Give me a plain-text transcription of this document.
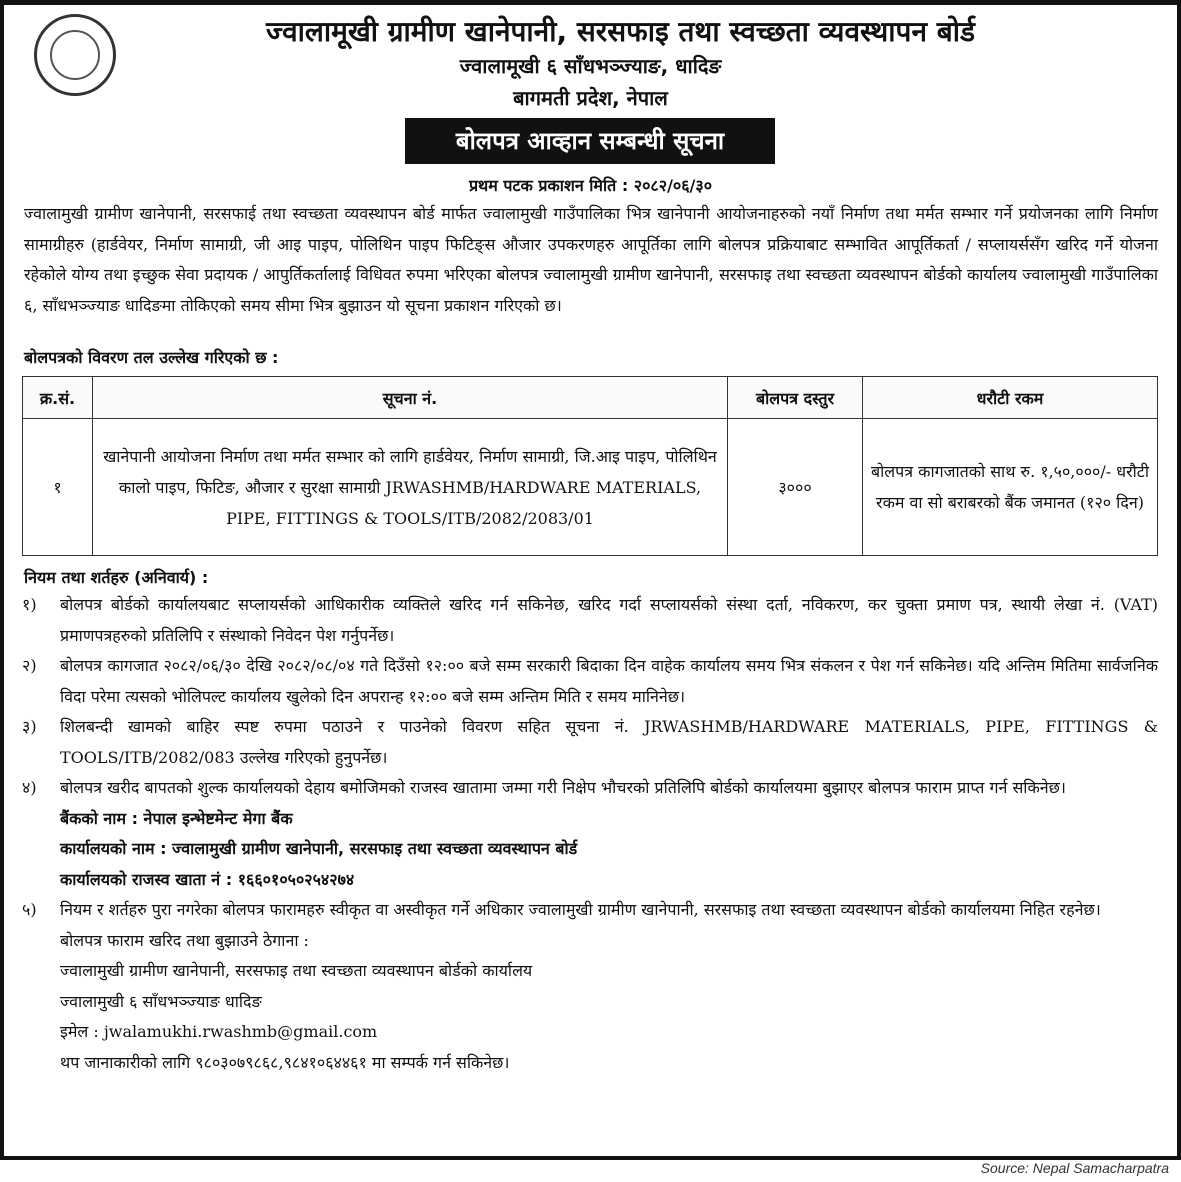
ज्वालामूखी ग्रामीण खानेपानी, सरसफाइ तथा स्वच्छता व्यवस्थापन बोर्ड
ज्वालामूखी ६ साँधभञ्ज्याङ, धादिङ
बागमती प्रदेश, नेपाल
बोलपत्र आव्हान सम्बन्धी सूचना
प्रथम पटक प्रकाशन मिति : २०८२/०६/३०

ज्वालामुखी ग्रामीण खानेपानी, सरसफाई तथा स्वच्छता व्यवस्थापन बोर्ड मार्फत ज्वालामुखी गाउँपालिका भित्र खानेपानी आयोजनाहरुको नयाँ निर्माण तथा मर्मत सम्भार गर्ने प्रयोजनका लागि निर्माण सामाग्रीहरु (हार्डवेयर, निर्माण सामाग्री, जी आइ पाइप, पोलिथिन पाइप फिटिङ्स औजार उपकरणहरु आपूर्तिका लागि बोलपत्र प्रक्रियाबाट सम्भावित आपूर्तिकर्ता / सप्लायर्ससँग खरिद गर्ने योजना रहेकोले योग्य तथा इच्छुक सेवा प्रदायक / आपुर्तिकर्तालाई विधिवत रुपमा भरिएका बोलपत्र ज्वालामुखी ग्रामीण खानेपानी, सरसफाइ तथा स्वच्छता व्यवस्थापन बोर्डको कार्यालय ज्वालामुखी गाउँपालिका ६, साँधभञ्ज्याङ धादिङमा तोकिएको समय सीमा भित्र बुझाउन यो सूचना प्रकाशन गरिएको छ।

बोलपत्रको विवरण तल उल्लेख गरिएको छ :
क्र.सं.	सूचना नं.	बोलपत्र दस्तुर	धरौटी रकम
१	खानेपानी आयोजना निर्माण तथा मर्मत सम्भार को लागि हार्डवेयर, निर्माण सामाग्री, जि.आइ पाइप, पोलिथिन कालो पाइप, फिटिङ, औजार र सुरक्षा सामाग्री JRWASHMB/HARDWARE MATERIALS, PIPE, FITTINGS & TOOLS/ITB/2082/2083/01	३०००	बोलपत्र कागजातको साथ रु. १,५०,०००/- धरौटी रकम वा सो बराबरको बैंक जमानत (१२० दिन)
नियम तथा शर्तहरु (अनिवार्य) :
१)	बोलपत्र बोर्डको कार्यालयबाट सप्लायर्सको आधिकारीक व्यक्तिले खरिद गर्न सकिनेछ, खरिद गर्दा सप्लायर्सको संस्था दर्ता, नविकरण, कर चुक्ता प्रमाण पत्र, स्थायी लेखा नं. (VAT) प्रमाणपत्रहरुको प्रतिलिपि र संस्थाको निवेदन पेश गर्नुपर्नेछ।
२)	बोलपत्र कागजात २०८२/०६/३० देखि २०८२/०८/०४ गते दिउँसो १२:०० बजे सम्म सरकारी बिदाका दिन वाहेक कार्यालय समय भित्र संकलन र पेश गर्न सकिनेछ। यदि अन्तिम मितिमा सार्वजनिक विदा परेमा त्यसको भोलिपल्ट कार्यालय खुलेको दिन अपरान्ह १२:०० बजे सम्म अन्तिम मिति र समय मानिनेछ।
३)	शिलबन्दी खामको बाहिर स्पष्ट रुपमा पठाउने र पाउनेको विवरण सहित सूचना नं. JRWASHMB/HARDWARE MATERIALS, PIPE, FITTINGS & TOOLS/ITB/2082/083 उल्लेख गरिएको हुनुपर्नेछ।
४)	बोलपत्र खरीद बापतको शुल्क कार्यालयको देहाय बमोजिमको राजस्व खातामा जम्मा गरी निक्षेप भौचरको प्रतिलिपि बोर्डको कार्यालयमा बुझाएर बोलपत्र फाराम प्राप्त गर्न सकिनेछ।
बैंकको नाम : नेपाल इन्भेष्टमेन्ट मेगा बैंक
कार्यालयको नाम : ज्वालामुखी ग्रामीण खानेपानी, सरसफाइ तथा स्वच्छता व्यवस्थापन बोर्ड
कार्यालयको राजस्व खाता नं : १६६०१०५०२५४२७४
५)	नियम र शर्तहरु पुरा नगरेका बोलपत्र फारामहरु स्वीकृत वा अस्वीकृत गर्ने अधिकार ज्वालामुखी ग्रामीण खानेपानी, सरसफाइ तथा स्वच्छता व्यवस्थापन बोर्डको कार्यालयमा निहित रहनेछ।
बोलपत्र फाराम खरिद तथा बुझाउने ठेगाना :
ज्वालामुखी ग्रामीण खानेपानी, सरसफाइ तथा स्वच्छता व्यवस्थापन बोर्डको कार्यालय
ज्वालामुखी ६ साँधभञ्ज्याङ धादिङ
इमेल : jwalamukhi.rwashmb@gmail.com
थप जानाकारीको लागि ९८०३०७९८६८,९८४१०६४४६१ मा सम्पर्क गर्न सकिनेछ।
Source: Nepal Samacharpatra
